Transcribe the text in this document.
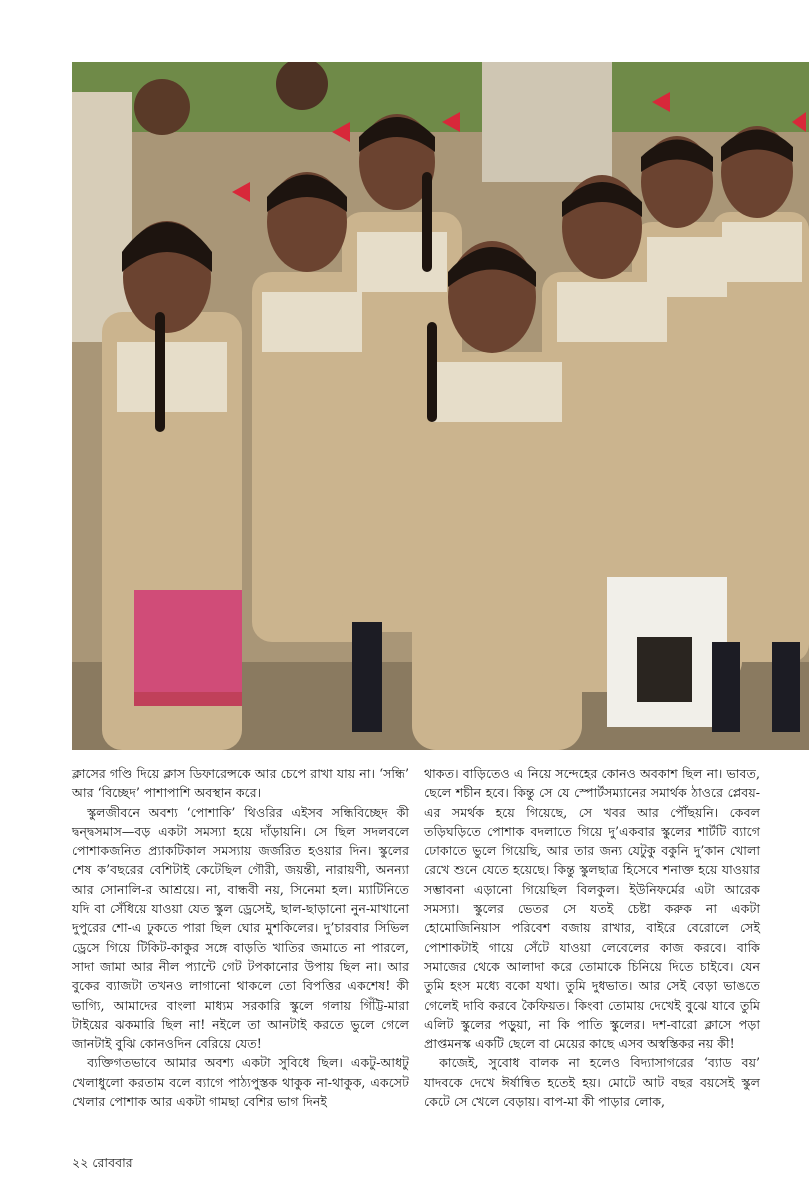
ক্লাসের গণ্ডি দিয়ে ক্লাস ডিফারেন্সকে আর চেপে রাখা যায় না। ‘সন্ধি’ আর ‘বিচ্ছেদ’ পাশাপাশি অবস্থান করে।

স্কুলজীবনে অবশ্য ‘পোশাকি’ থিওরির এইসব সন্ধিবিচ্ছেদ কী দ্বন্দ্বসমাস—বড় একটা সমস্যা হয়ে দাঁড়ায়নি। সে ছিল সদলবলে পোশাকজনিত প্র্যাকটিকাল সমস্যায় জর্জরিত হওয়ার দিন। স্কুলের শেষ ক’বছরের বেশিটাই কেটেছিল গৌরী, জয়ন্তী, নারায়ণী, অনন্যা আর সোনালি-র আশ্রয়ে। না, বান্ধবী নয়, সিনেমা হল। ম্যাটিনিতে যদি বা সেঁধিয়ে যাওয়া যেত স্কুল ড্রেসেই, ছাল-ছাড়ানো নুন-মাখানো দুপুরের শো-এ ঢুকতে পারা ছিল ঘোর মুশকিলের। দু’চারবার সিভিল ড্রেসে গিয়ে টিকিট-কাকুর সঙ্গে বাড়তি খাতির জমাতে না পারলে, সাদা জামা আর নীল প্যান্টে গেট টপকানোর উপায় ছিল না। আর বুকের ব্যাজটা তখনও লাগানো থাকলে তো বিপত্তির একশেষ! কী ভাগ্যি, আমাদের বাংলা মাধ্যম সরকারি স্কুলে গলায় গিঁট্টি-মারা টাইয়ের ঝকমারি ছিল না! নইলে তা আনটাই করতে ভুলে গেলে জানটাই বুঝি কোনওদিন বেরিয়ে যেত!

ব্যক্তিগতভাবে আমার অবশ্য একটা সুবিধে ছিল। একটু-আধটু খেলাধুলো করতাম বলে ব্যাগে পাঠ্যপুস্তক থাকুক না-থাকুক, একসেট খেলার পোশাক আর একটা গামছা বেশির ভাগ দিনই

থাকত। বাড়িতেও এ নিয়ে সন্দেহের কোনও অবকাশ ছিল না। ভাবত, ছেলে শচীন হবে। কিন্তু সে যে স্পোর্টসম্যানের সমার্থক ঠাওরে প্লেবয়-এর সমর্থক হয়ে গিয়েছে, সে খবর আর পৌঁছয়নি। কেবল তড়িঘড়িতে পোশাক বদলাতে গিয়ে দু’একবার স্কুলের শার্টটি ব্যাগে ঢোকাতে ভুলে গিয়েছি, আর তার জন্য যেটুকু বকুনি দু’কান খোলা রেখে শুনে যেতে হয়েছে। কিন্তু স্কুলছাত্র হিসেবে শনাক্ত হয়ে যাওয়ার সম্ভাবনা এড়ানো গিয়েছিল বিলকুল। ইউনিফর্মের এটা আরেক সমস্যা। স্কুলের ভেতর সে যতই চেষ্টা করুক না একটা হোমোজিনিয়াস পরিবেশ বজায় রাখার, বাইরে বেরোলে সেই পোশাকটাই গায়ে সেঁটে যাওয়া লেবেলের কাজ করবে। বাকি সমাজের থেকে আলাদা করে তোমাকে চিনিয়ে দিতে চাইবে। যেন তুমি হংস মধ্যে বকো যথা। তুমি দুধভাত। আর সেই বেড়া ভাঙতে গেলেই দাবি করবে কৈফিয়ত। কিংবা তোমায় দেখেই বুঝে যাবে তুমি এলিট স্কুলের পড়ুয়া, না কি পাতি স্কুলের। দশ-বারো ক্লাসে পড়া প্রাপ্তমনস্ক একটি ছেলে বা মেয়ের কাছে এসব অস্বস্তিকর নয় কী!

কাজেই, সুবোধ বালক না হলেও বিদ্যাসাগরের ‘ব্যাড বয়’ যাদবকে দেখে ঈর্ষান্বিত হতেই হয়। মোটে আট বছর বয়সেই স্কুল কেটে সে খেলে বেড়ায়। বাপ-মা কী পাড়ার লোক,

২২ রোববার
